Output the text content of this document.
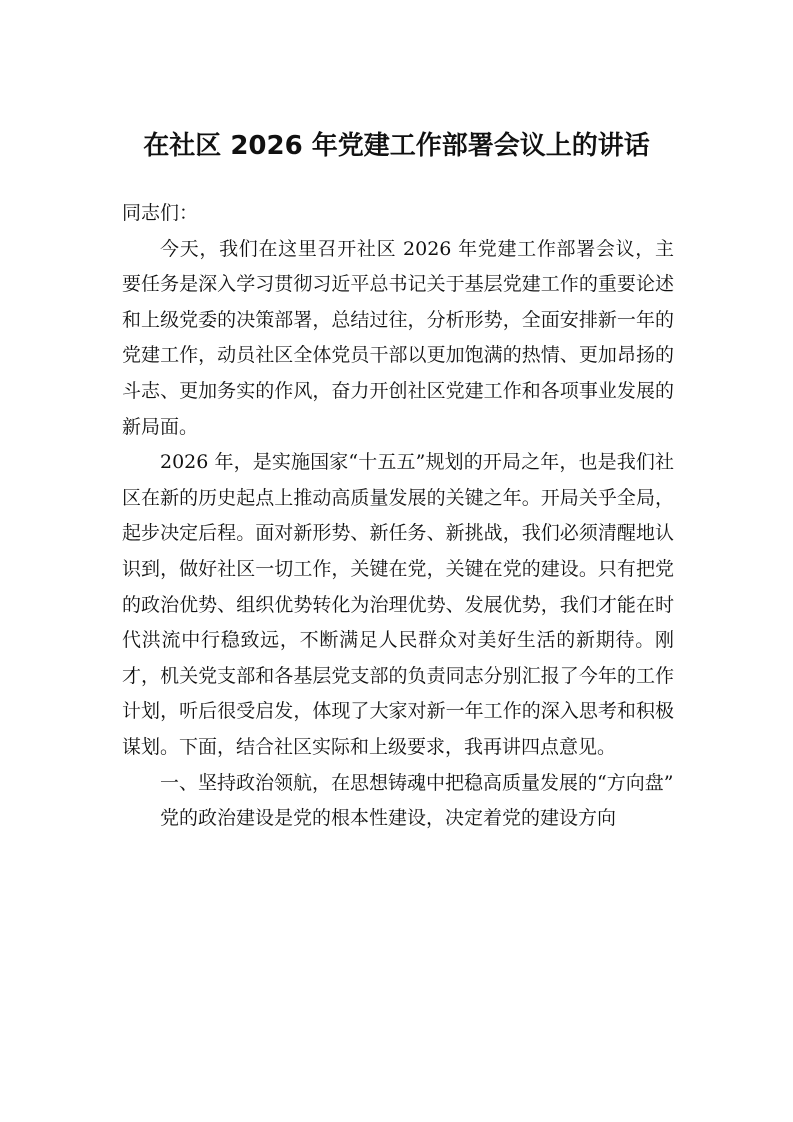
在社区 2026 年党建工作部署会议上的讲话

同志们：

今天，我们在这里召开社区 2026 年党建工作部署会议，主要任务是深入学习贯彻习近平总书记关于基层党建工作的重要论述和上级党委的决策部署，总结过往，分析形势，全面安排新一年的党建工作，动员社区全体党员干部以更加饱满的热情、更加昂扬的斗志、更加务实的作风，奋力开创社区党建工作和各项事业发展的新局面。

2026 年，是实施国家“十五五”规划的开局之年，也是我们社区在新的历史起点上推动高质量发展的关键之年。开局关乎全局，起步决定后程。面对新形势、新任务、新挑战，我们必须清醒地认识到，做好社区一切工作，关键在党，关键在党的建设。只有把党的政治优势、组织优势转化为治理优势、发展优势，我们才能在时代洪流中行稳致远，不断满足人民群众对美好生活的新期待。刚才，机关党支部和各基层党支部的负责同志分别汇报了今年的工作计划，听后很受启发，体现了大家对新一年工作的深入思考和积极谋划。下面，结合社区实际和上级要求，我再讲四点意见。

一、坚持政治领航，在思想铸魂中把稳高质量发展的“方向盘”

党的政治建设是党的根本性建设，决定着党的建设方向
